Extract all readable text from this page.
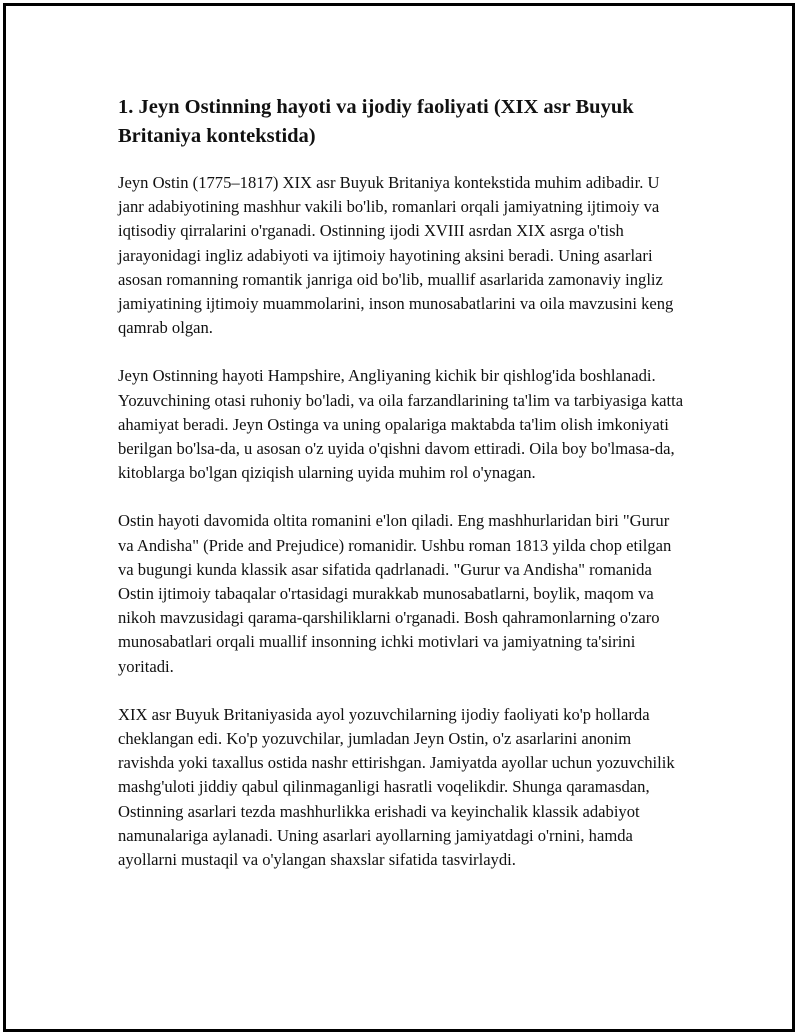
1. Jeyn Ostinning hayoti va ijodiy faoliyati (XIX asr Buyuk Britaniya kontekstida)

Jeyn Ostin (1775–1817) XIX asr Buyuk Britaniya kontekstida muhim adibadir. U janr adabiyotining mashhur vakili bo'lib, romanlari orqali jamiyatning ijtimoiy va iqtisodiy qirralarini o'rganadi. Ostinning ijodi XVIII asrdan XIX asrga o'tish jarayonidagi ingliz adabiyoti va ijtimoiy hayotining aksini beradi. Uning asarlari asosan romanning romantik janriga oid bo'lib, muallif asarlarida zamonaviy ingliz jamiyatining ijtimoiy muammolarini, inson munosabatlarini va oila mavzusini keng qamrab olgan.

Jeyn Ostinning hayoti Hampshire, Angliyaning kichik bir qishlog'ida boshlanadi. Yozuvchining otasi ruhoniy bo'ladi, va oila farzandlarining ta'lim va tarbiyasiga katta ahamiyat beradi. Jeyn Ostinga va uning opalariga maktabda ta'lim olish imkoniyati berilgan bo'lsa-da, u asosan o'z uyida o'qishni davom ettiradi. Oila boy bo'lmasa-da, kitoblarga bo'lgan qiziqish ularning uyida muhim rol o'ynagan.

Ostin hayoti davomida oltita romanini e'lon qiladi. Eng mashhurlaridan biri "Gurur va Andisha" (Pride and Prejudice) romanidir. Ushbu roman 1813 yilda chop etilgan va bugungi kunda klassik asar sifatida qadrlanadi. "Gurur va Andisha" romanida Ostin ijtimoiy tabaqalar o'rtasidagi murakkab munosabatlarni, boylik, maqom va nikoh mavzusidagi qarama-qarshiliklarni o'rganadi. Bosh qahramonlarning o'zaro munosabatlari orqali muallif insonning ichki motivlari va jamiyatning ta'sirini yoritadi.

XIX asr Buyuk Britaniyasida ayol yozuvchilarning ijodiy faoliyati ko'p hollarda cheklangan edi. Ko'p yozuvchilar, jumladan Jeyn Ostin, o'z asarlarini anonim ravishda yoki taxallus ostida nashr ettirishgan. Jamiyatda ayollar uchun yozuvchilik mashg'uloti jiddiy qabul qilinmaganligi hasratli voqelikdir. Shunga qaramasdan, Ostinning asarlari tezda mashhurlikka erishadi va keyinchalik klassik adabiyot namunalariga aylanadi. Uning asarlari ayollarning jamiyatdagi o'rnini, hamda ayollarni mustaqil va o'ylangan shaxslar sifatida tasvirlaydi.
